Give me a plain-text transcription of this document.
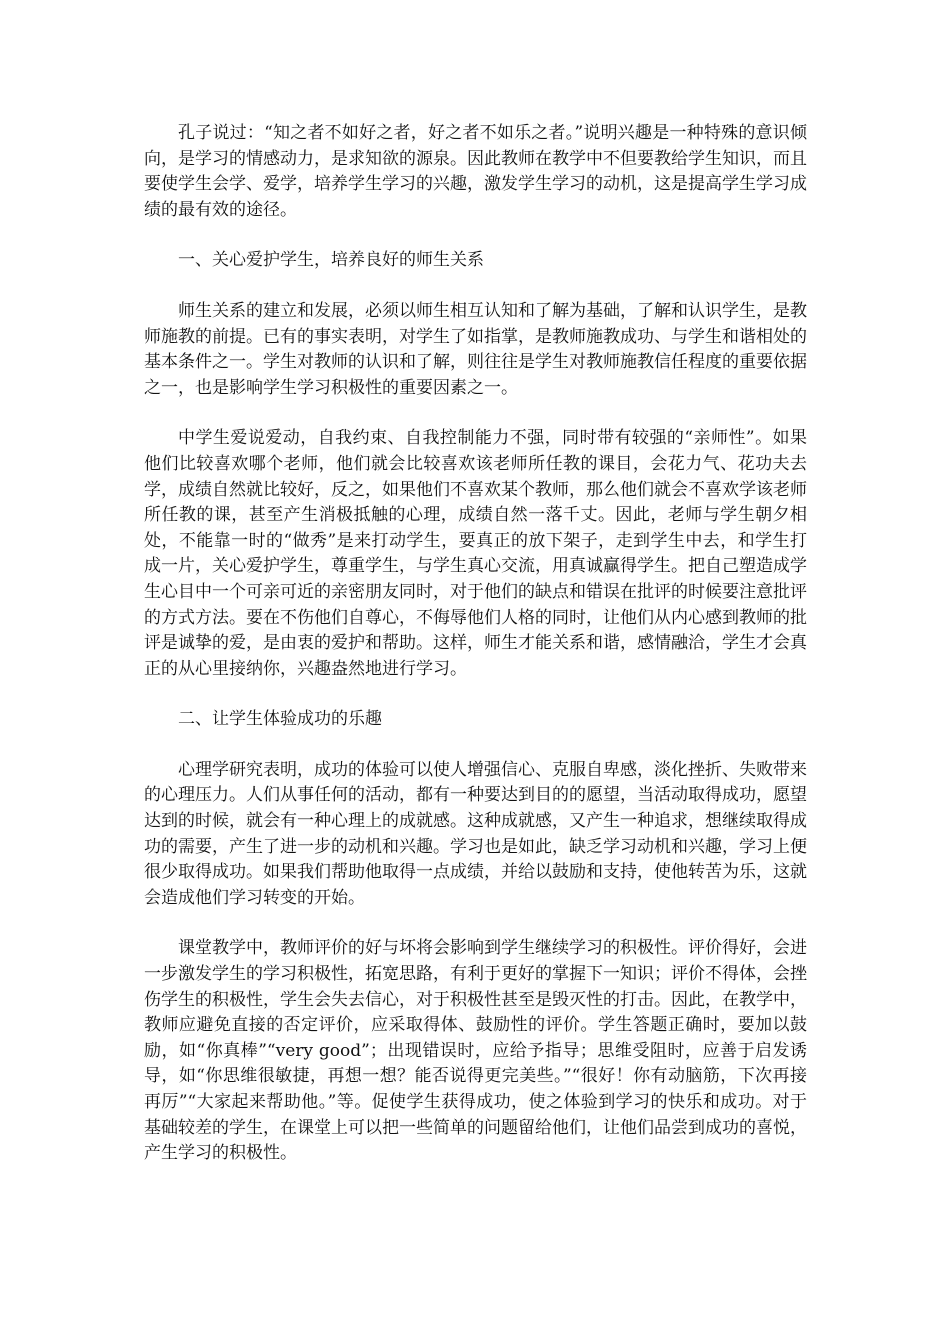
孔子说过：“知之者不如好之者，好之者不如乐之者。”说明兴趣是一种特殊的意识倾向，是学习的情感动力，是求知欲的源泉。因此教师在教学中不但要教给学生知识，而且要使学生会学、爱学，培养学生学习的兴趣，激发学生学习的动机，这是提高学生学习成绩的最有效的途径。

一、关心爱护学生，培养良好的师生关系

师生关系的建立和发展，必须以师生相互认知和了解为基础，了解和认识学生，是教师施教的前提。已有的事实表明，对学生了如指掌，是教师施教成功、与学生和谐相处的基本条件之一。学生对教师的认识和了解，则往往是学生对教师施教信任程度的重要依据之一，也是影响学生学习积极性的重要因素之一。

中学生爱说爱动，自我约束、自我控制能力不强，同时带有较强的“亲师性”。如果他们比较喜欢哪个老师，他们就会比较喜欢该老师所任教的课目，会花力气、花功夫去学，成绩自然就比较好，反之，如果他们不喜欢某个教师，那么他们就会不喜欢学该老师所任教的课，甚至产生消极抵触的心理，成绩自然一落千丈。因此，老师与学生朝夕相处，不能靠一时的“做秀”是来打动学生，要真正的放下架子，走到学生中去，和学生打成一片，关心爱护学生，尊重学生，与学生真心交流，用真诚赢得学生。把自己塑造成学生心目中一个可亲可近的亲密朋友同时，对于他们的缺点和错误在批评的时候要注意批评的方式方法。要在不伤他们自尊心，不侮辱他们人格的同时，让他们从内心感到教师的批评是诚挚的爱，是由衷的爱护和帮助。这样，师生才能关系和谐，感情融洽，学生才会真正的从心里接纳你，兴趣盎然地进行学习。

二、让学生体验成功的乐趣

心理学研究表明，成功的体验可以使人增强信心、克服自卑感，淡化挫折、失败带来的心理压力。人们从事任何的活动，都有一种要达到目的的愿望，当活动取得成功，愿望达到的时候，就会有一种心理上的成就感。这种成就感，又产生一种追求，想继续取得成功的需要，产生了进一步的动机和兴趣。学习也是如此，缺乏学习动机和兴趣，学习上便很少取得成功。如果我们帮助他取得一点成绩，并给以鼓励和支持，使他转苦为乐，这就会造成他们学习转变的开始。

课堂教学中，教师评价的好与坏将会影响到学生继续学习的积极性。评价得好，会进一步激发学生的学习积极性，拓宽思路，有利于更好的掌握下一知识；评价不得体，会挫伤学生的积极性，学生会失去信心，对于积极性甚至是毁灭性的打击。因此，在教学中，教师应避免直接的否定评价，应采取得体、鼓励性的评价。学生答题正确时，要加以鼓励，如“你真棒”“very good”；出现错误时，应给予指导；思维受阻时，应善于启发诱导，如“你思维很敏捷，再想一想？能否说得更完美些。”“很好！你有动脑筋，下次再接再厉”“大家起来帮助他。”等。促使学生获得成功，使之体验到学习的快乐和成功。对于基础较差的学生，在课堂上可以把一些简单的问题留给他们，让他们品尝到成功的喜悦，产生学习的积极性。
